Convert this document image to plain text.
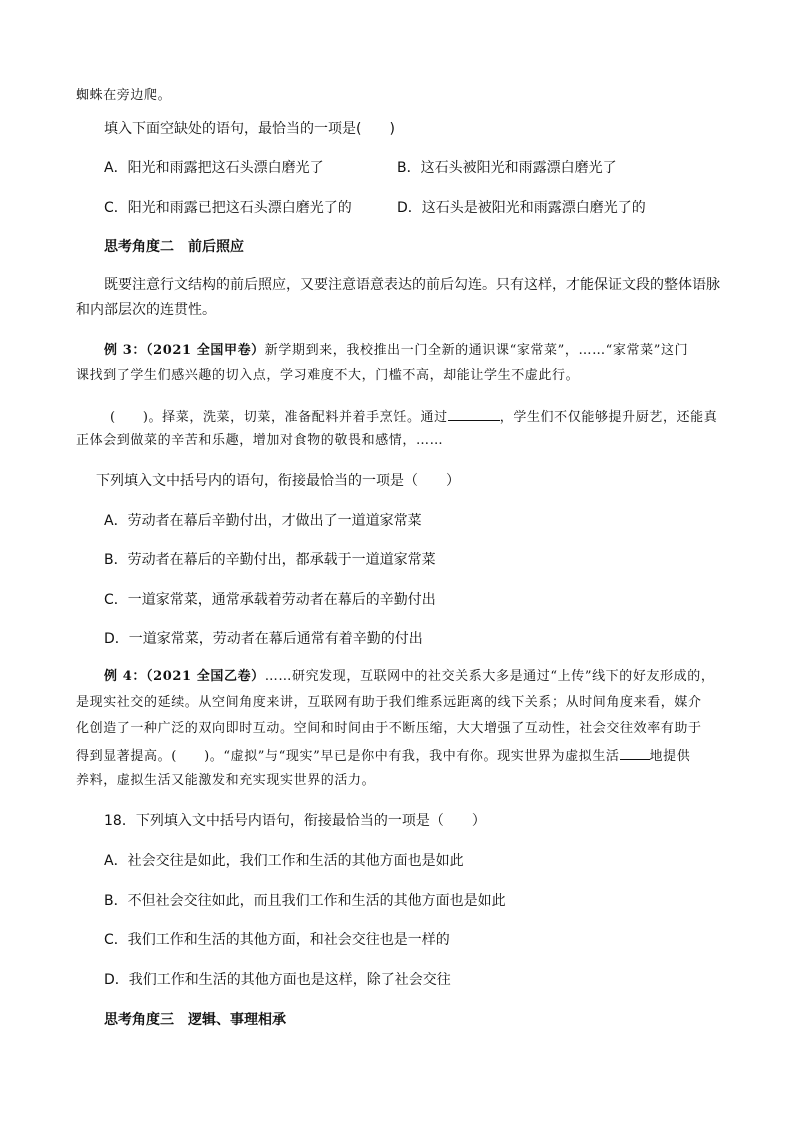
蜘蛛在旁边爬。
填入下面空缺处的语句，最恰当的一项是(　　)
A．阳光和雨露把这石头漂白磨光了	B．这石头被阳光和雨露漂白磨光了
C．阳光和雨露已把这石头漂白磨光了的	D．这石头是被阳光和雨露漂白磨光了的
思考角度二　前后照应
既要注意行文结构的前后照应，又要注意语意表达的前后勾连。只有这样，才能保证文段的整体语脉
和内部层次的连贯性。
例 3：（2021 全国甲卷）新学期到来，我校推出一门全新的通识课“家常菜”，……“家常菜”这门
课找到了学生们感兴趣的切入点，学习难度不大，门槛不高，却能让学生不虚此行。
(　　)。择菜，洗菜，切菜，准备配料并着手烹饪。通过	，学生们不仅能够提升厨艺，还能真
正体会到做菜的辛苦和乐趣，增加对食物的敬畏和感情，……
下列填入文中括号内的语句，衔接最恰当的一项是（　　）
A．劳动者在幕后辛勤付出，才做出了一道道家常菜
B．劳动者在幕后的辛勤付出，都承载于一道道家常菜
C．一道家常菜，通常承载着劳动者在幕后的辛勤付出
D．一道家常菜，劳动者在幕后通常有着辛勤的付出
例 4：（2021 全国乙卷）……研究发现，互联网中的社交关系大多是通过“上传”线下的好友形成的，
是现实社交的延续。从空间角度来讲，互联网有助于我们维系远距离的线下关系；从时间角度来看，媒介
化创造了一种广泛的双向即时互动。空间和时间由于不断压缩，大大增强了互动性，社会交往效率有助于
得到显著提高。(　　)。“虚拟”与“现实”早已是你中有我，我中有你。现实世界为虚拟生活 地提供
养料，虚拟生活又能激发和充实现实世界的活力。
18．下列填入文中括号内语句，衔接最恰当的一项是（　　）
A．社会交往是如此，我们工作和生活的其他方面也是如此
B．不但社会交往如此，而且我们工作和生活的其他方面也是如此
C．我们工作和生活的其他方面，和社会交往也是一样的
D．我们工作和生活的其他方面也是这样，除了社会交往
思考角度三　逻辑、事理相承
